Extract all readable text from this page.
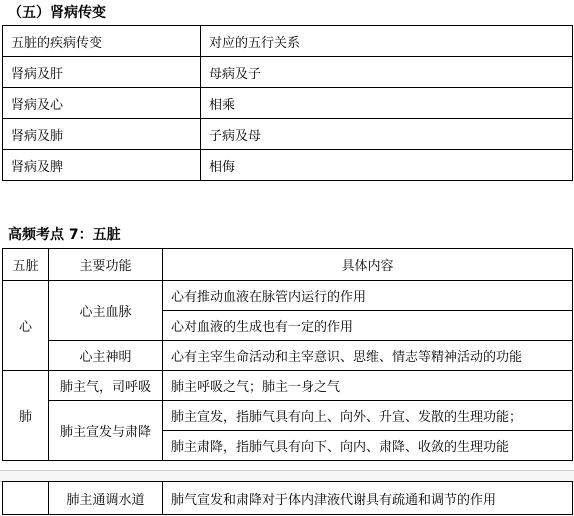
（五）肾病传变
五脏的疾病传变	对应的五行关系
肾病及肝	母病及子
肾病及心	相乘
肾病及肺	子病及母
肾病及脾	相侮
高频考点 7：五脏
五脏	主要功能	具体内容
心	心主血脉	心有推动血液在脉管内运行的作用
		心对血液的生成也有一定的作用
	心主神明	心有主宰生命活动和主宰意识、思维、情志等精神活动的功能
肺	肺主气，司呼吸	肺主呼吸之气；肺主一身之气
	肺主宣发与肃降	肺主宣发，指肺气具有向上、向外、升宣、发散的生理功能；
		肺主肃降，指肺气具有向下、向内、肃降、收敛的生理功能
	肺主通调水道	肺气宣发和肃降对于体内津液代谢具有疏通和调节的作用
